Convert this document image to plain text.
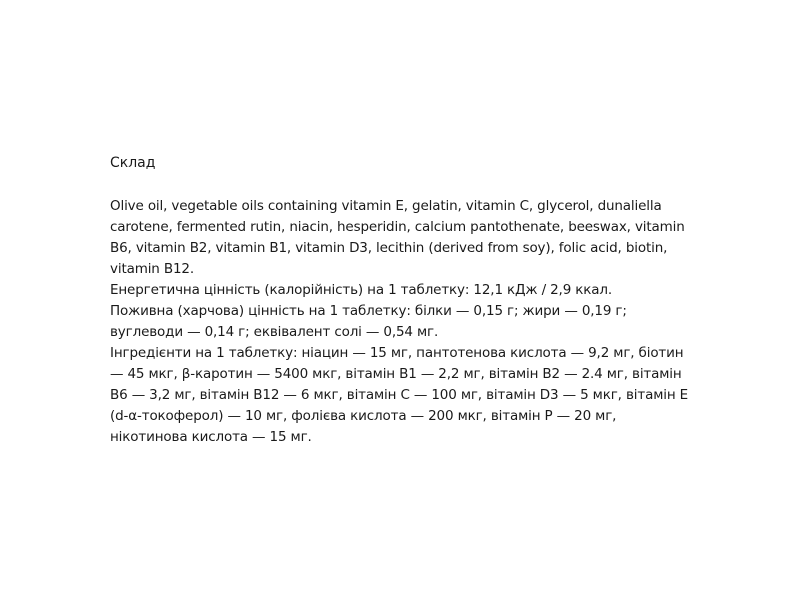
Склад

Olive oil, vegetable oils containing vitamin E, gelatin, vitamin C, glycerol, dunaliella carotene, fermented rutin, niacin, hesperidin, calcium pantothenate, beeswax, vitamin B6, vitamin B2, vitamin B1, vitamin D3, lecithin (derived from soy), folic acid, biotin, vitamin B12.

Енергетична цінність (калорійність) на 1 таблетку: 12,1 кДж / 2,9 ккал.

Поживна (харчова) цінність на 1 таблетку: білки — 0,15 г; жири — 0,19 г; вуглеводи — 0,14 г; еквівалент солі — 0,54 мг.

Інгредієнти на 1 таблетку: ніацин — 15 мг, пантотенова кислота — 9,2 мг, біотин — 45 мкг, β-каротин — 5400 мкг, вітамін B1 — 2,2 мг, вітамін B2 — 2.4 мг, вітамін B6 — 3,2 мг, вітамін B12 — 6 мкг, вітамін C — 100 мг, вітамін D3 — 5 мкг, вітамін E (d-α-токоферол) — 10 мг, фолієва кислота — 200 мкг, вітамін P — 20 мг, нікотинова кислота — 15 мг.
